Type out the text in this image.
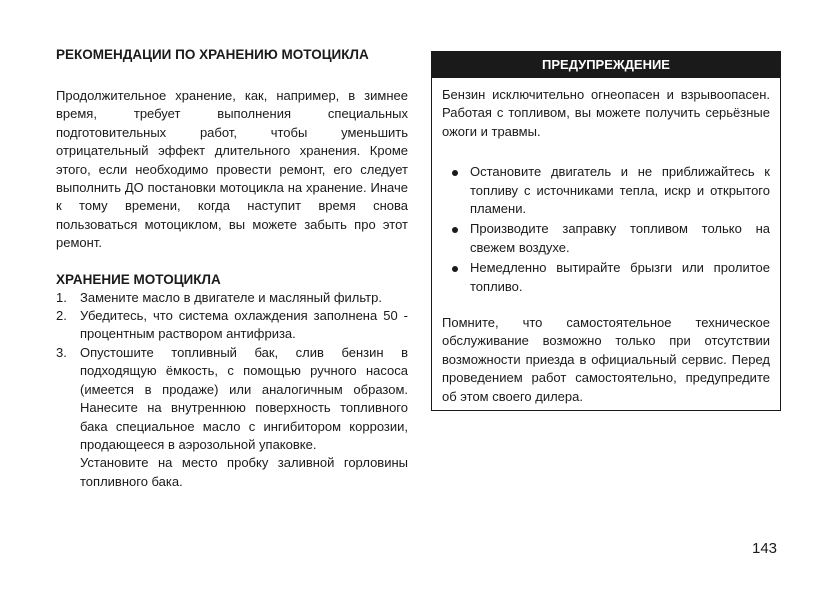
РЕКОМЕНДАЦИИ ПО ХРАНЕНИЮ МОТОЦИКЛА

Продолжительное хранение, как, например, в зимнее время, требует выполнения специальных подготовительных работ, чтобы уменьшить отрицательный эффект длительного хранения. Кроме этого, если необходимо провести ремонт, его следует выполнить ДО постановки мотоцикла на хранение. Иначе к тому времени, когда наступит время снова пользоваться мотоциклом, вы можете забыть про этот ремонт.

ХРАНЕНИЕ МОТОЦИКЛА
1. Замените масло в двигателе и масляный фильтр.
2. Убедитесь, что система охлаждения заполнена 50 - процентным раствором антифриза.
3. Опустошите топливный бак, слив бензин в подходящую ёмкость, с помощью ручного насоса (имеется в продаже) или аналогичным образом. Нанесите на внутреннюю поверхность топливного бака специальное масло с ингибитором коррозии, продающееся в аэрозольной упаковке.

Установите на место пробку заливной горловины топливного бака.

ПРЕДУПРЕЖДЕНИЕ

Бензин исключительно огнеопасен и взрывоопасен. Работая с топливом, вы можете получить серьёзные ожоги и травмы.

Остановите двигатель и не приближайтесь к топливу с источниками тепла, искр и открытого пламени.
Производите заправку топливом только на свежем воздухе.
Немедленно вытирайте брызги или пролитое топливо.

Помните, что самостоятельное техническое обслуживание возможно только при отсутствии возможности приезда в официальный сервис. Перед проведением работ самостоятельно, предупредите об этом своего дилера.

143
